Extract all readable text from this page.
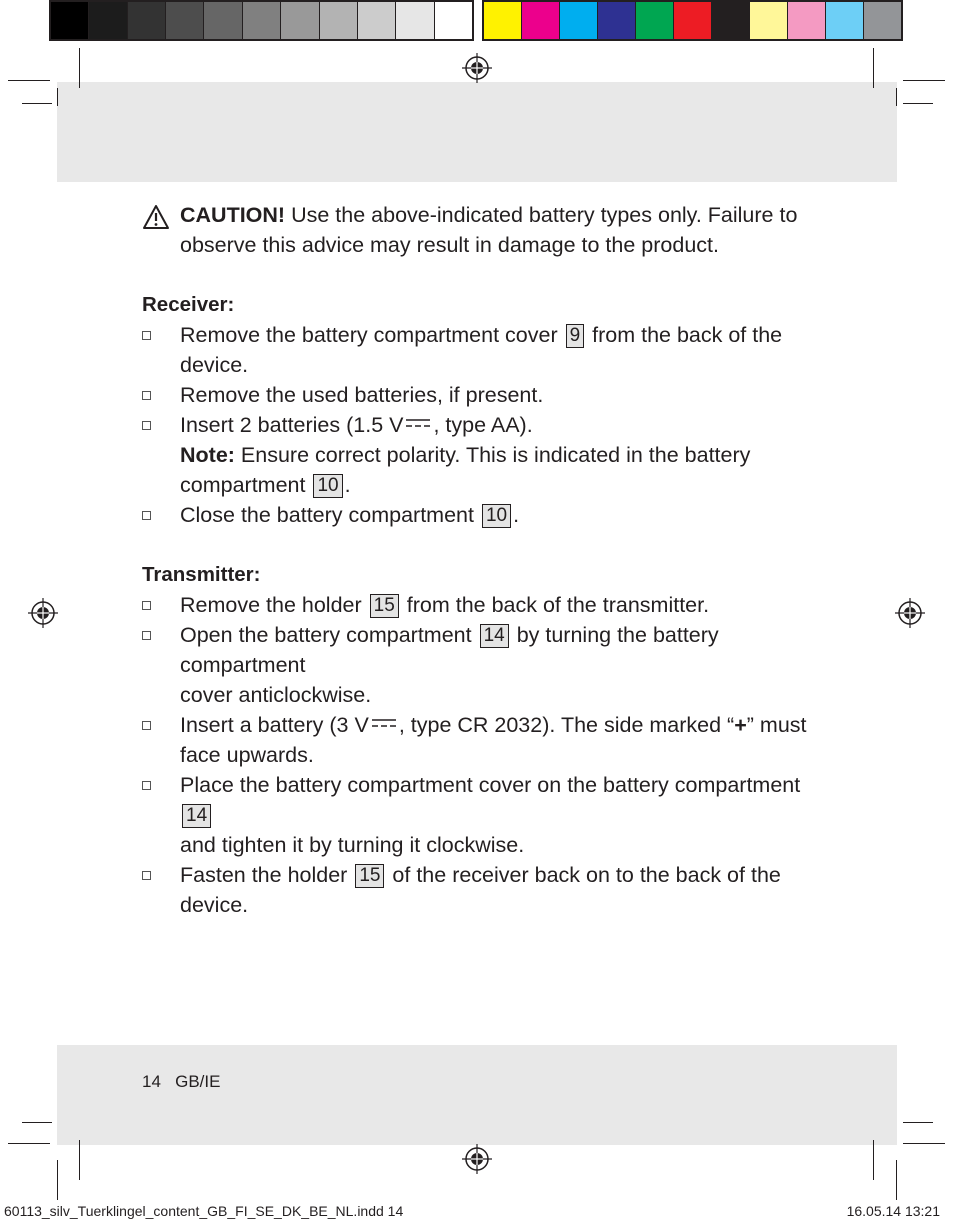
CAUTION! Use the above-indicated battery types only. Failure to
observe this advice may result in damage to the product.
Receiver:
Remove the battery compartment cover 9 from the back of the
device.
Remove the used batteries, if present.
Insert 2 batteries (1.5 V , type AA).
Note: Ensure correct polarity. This is indicated in the battery
compartment 10 .
Close the battery compartment 10 .
Transmitter:
Remove the holder 15 from the back of the transmitter.
Open the battery compartment 14 by turning the battery compartment
cover anticlockwise.
Insert a battery (3 V , type CR 2032). The side marked “+” must
face upwards.
Place the battery compartment cover on the battery compartment 14
and tighten it by turning it clockwise.
Fasten the holder 15 of the receiver back on to the back of the device.
14 GB/IE
60113_silv_Tuerklingel_content_GB_FI_SE_DK_BE_NL.indd 14	16.05.14 13:21
